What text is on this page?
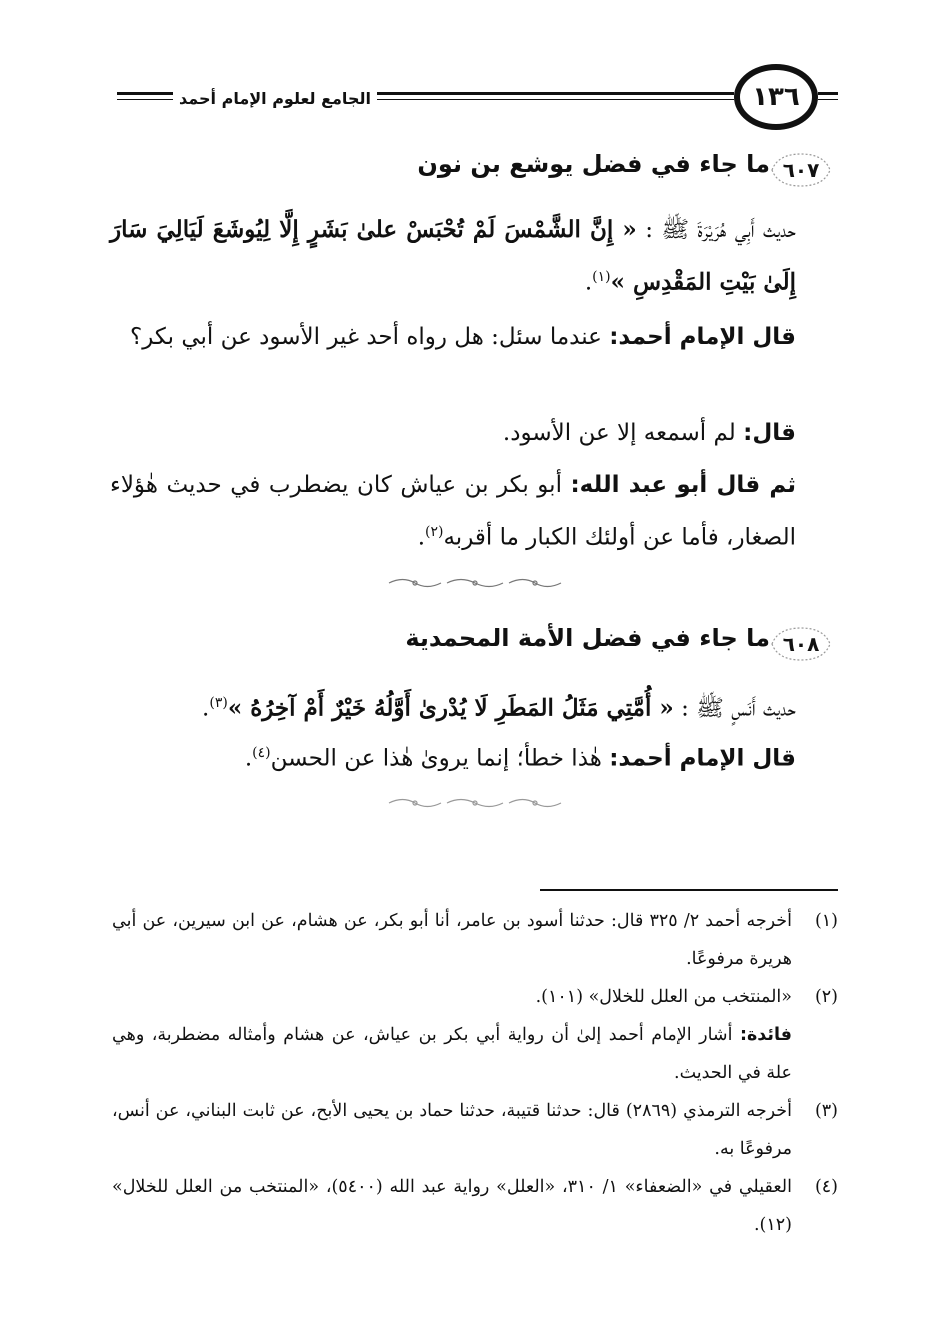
الجامع لعلوم الإمام أحمد	١٣٦
٦٠٧
ما جاء في فضل يوشع بن نون
حديث أَبِي هُرَيْرَةَ ﷺ : « إِنَّ الشَّمْسَ لَمْ تُحْبَسْ علىٰ بَشَرٍ إِلَّا لِيُوشَعَ لَيَالِيَ سَارَ إِلَىٰ بَيْتِ المَقْدِسِ »$^{(١)}$.
قال الإمام أحمد: عندما سئل: هل رواه أحد غير الأسود عن أبي بكر؟
قال: لم أسمعه إلا عن الأسود.
ثم قال أبو عبد الله: أبو بكر بن عياش كان يضطرب في حديث هٰؤلاء الصغار، فأما عن أولئك الكبار ما أقربه$^{(٢)}$.
٦٠٨
ما جاء في فضل الأمة المحمدية
حديث أَنَسٍ ﷺ : « أُمَّتِي مَثَلُ المَطَرِ لَا يُدْرىٰ أَوَّلُهُ خَيْرٌ أَمْ آخِرُهُ »$^{(٣)}$.
قال الإمام أحمد: هٰذا خطأ؛ إنما يروىٰ هٰذا عن الحسن$^{(٤)}$.
(١)
أخرجه أحمد ٢/ ٣٢٥ قال: حدثنا أسود بن عامر، أنا أبو بكر، عن هشام، عن ابن سيرين، عن أبي هريرة مرفوعًا.
(٢)
«المنتخب من العلل للخلال» (١٠١).
فائدة: أشار الإمام أحمد إلىٰ أن رواية أبي بكر بن عياش، عن هشام وأمثاله مضطربة، وهي علة في الحديث.
(٣)
أخرجه الترمذي (٢٨٦٩) قال: حدثنا قتيبة، حدثنا حماد بن يحيى الأبح، عن ثابت البناني، عن أنس، مرفوعًا به.
(٤)
العقيلي في «الضعفاء» ١/ ٣١٠، «العلل» رواية عبد الله (٥٤٠٠)، «المنتخب من العلل للخلال» (١٢).
